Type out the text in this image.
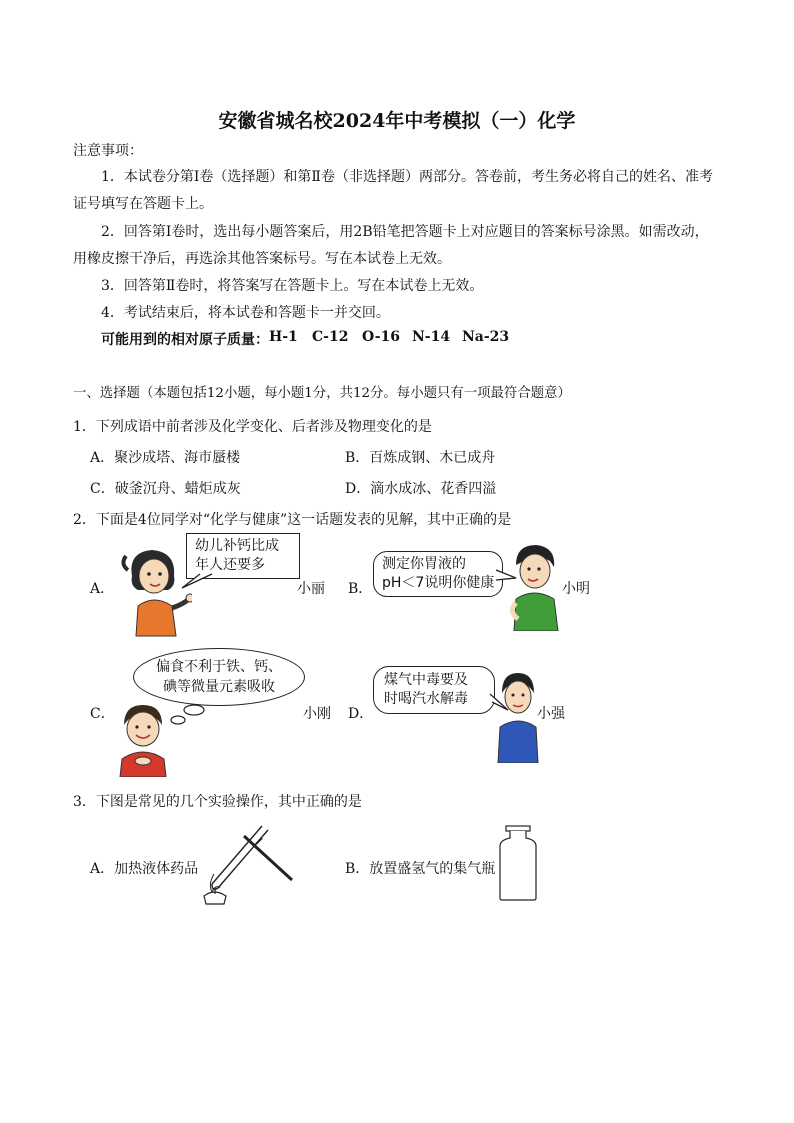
安徽省城名校2024年中考模拟（一）化学
注意事项：
1．本试卷分第Ⅰ卷（选择题）和第Ⅱ卷（非选择题）两部分。答卷前，考生务必将自己的姓名、准考
证号填写在答题卡上。
2．回答第Ⅰ卷时，选出每小题答案后，用2B铅笔把答题卡上对应题目的答案标号涂黑。如需改动，
用橡皮擦干净后，再选涂其他答案标号。写在本试卷上无效。
3．回答第Ⅱ卷时，将答案写在答题卡上。写在本试卷上无效。
4．考试结束后，将本试卷和答题卡一并交回。
可能用到的相对原子质量： H-1 C-12 O-16 N-14 Na-23
一、选择题（本题包括12小题，每小题1分，共12分。每小题只有一项最符合题意）
1．下列成语中前者涉及化学变化、后者涉及物理变化的是
A．聚沙成塔、海市蜃楼	B．百炼成钢、木已成舟
C．破釜沉舟、蜡炬成灰	D．滴水成冰、花香四溢
2．下面是4位同学对“化学与健康”这一话题发表的见解，其中正确的是
A．
幼儿补钙比成
年人还要多
小丽 B．
测定你胃液的
pH＜7说明你健康	小明
C．
偏食不利于铁、钙、
碘等微量元素吸收
小刚 D．
煤气中毒要及
时喝汽水解毒
小强
3．下图是常见的几个实验操作，其中正确的是
A．加热液体药品	B．放置盛氢气的集气瓶
